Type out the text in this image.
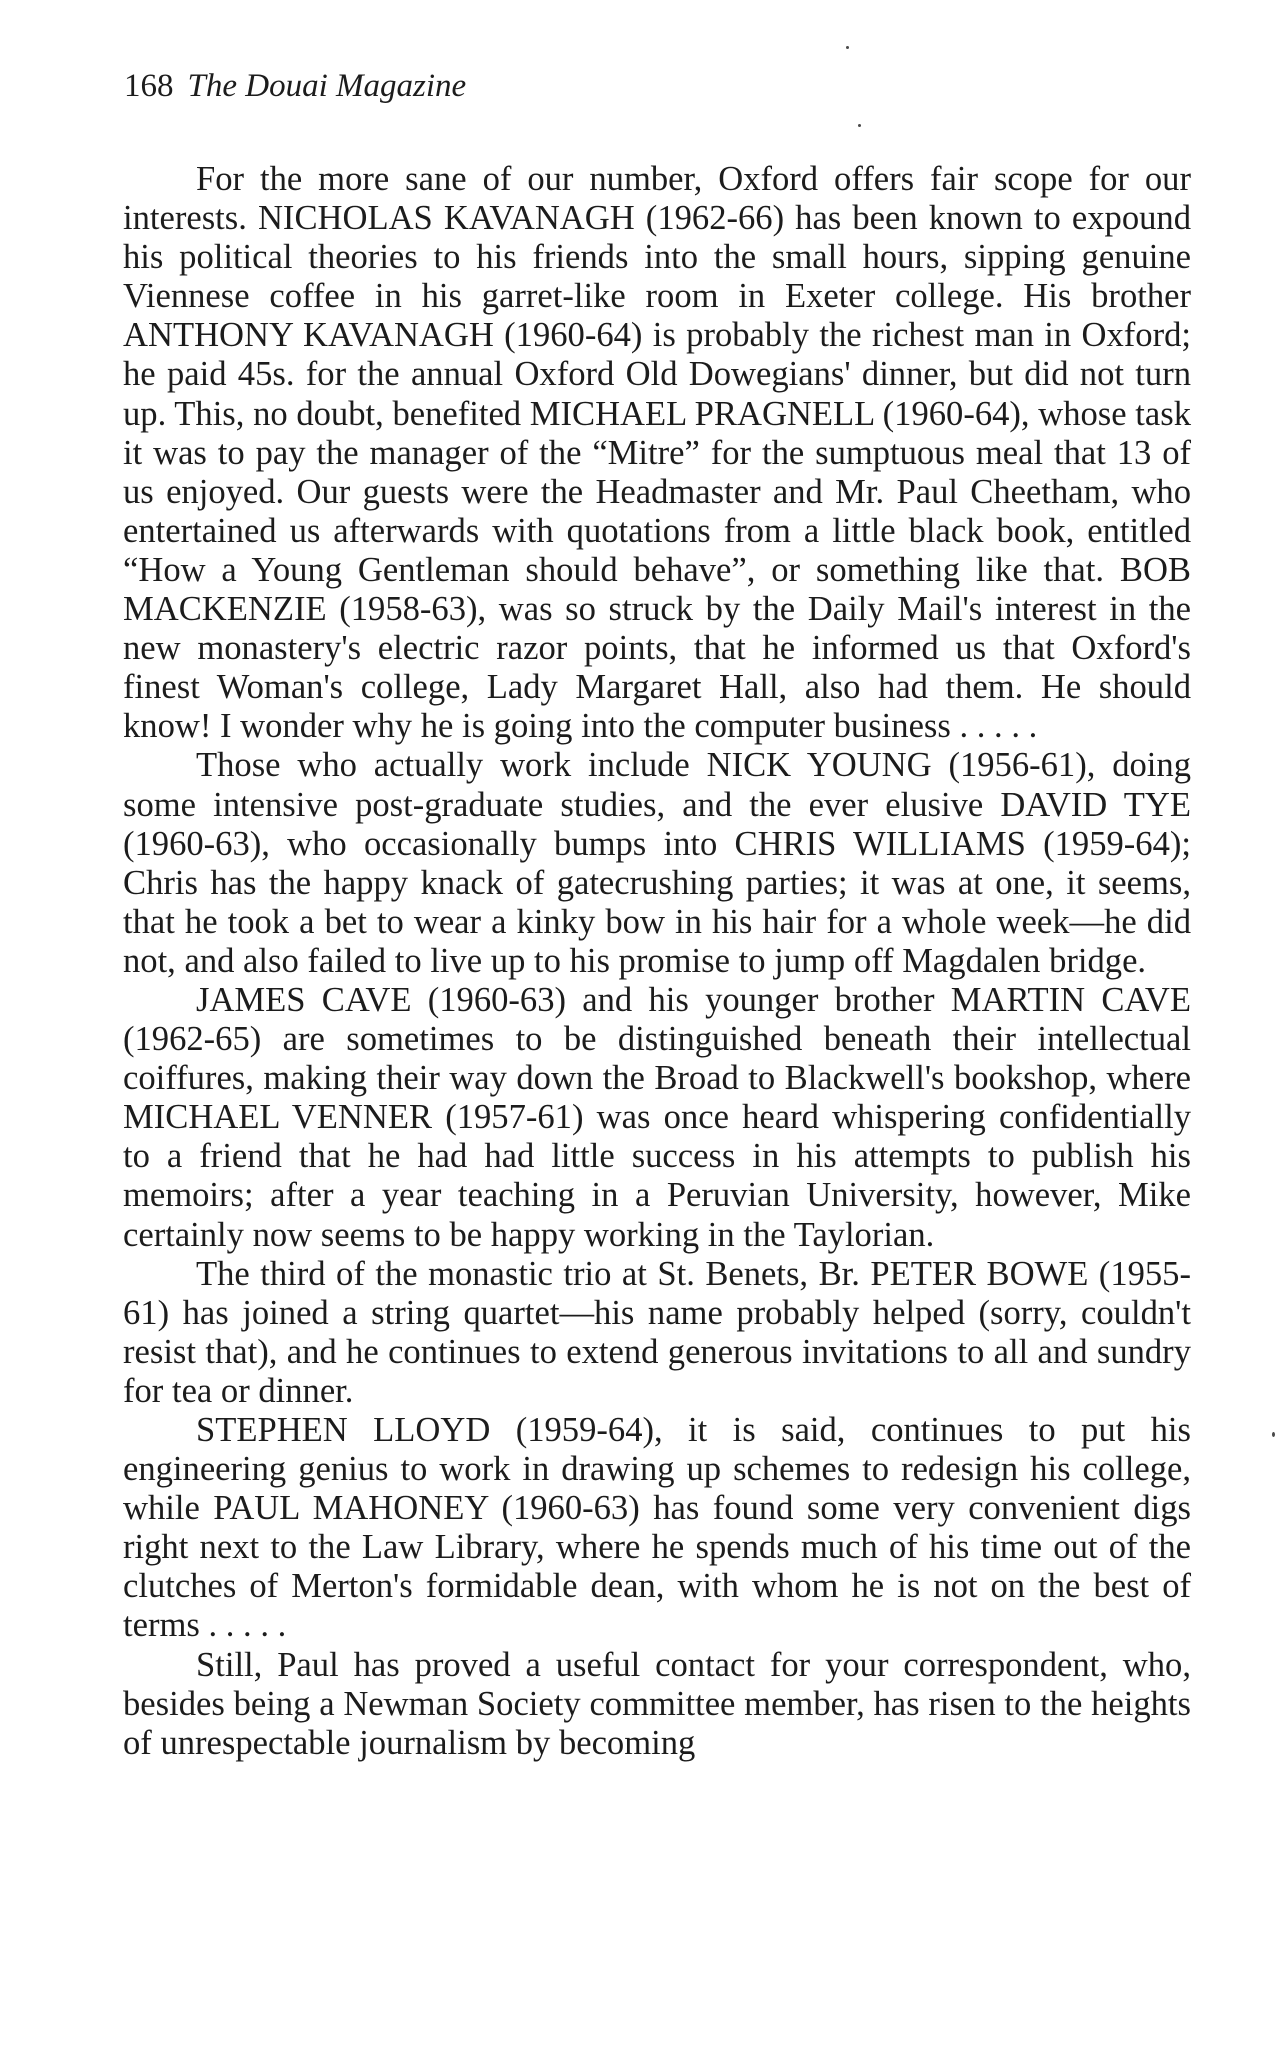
168 The Douai Magazine

For the more sane of our number, Oxford offers fair scope for our interests. NICHOLAS KAVANAGH (1962-66) has been known to expound his political theories to his friends into the small hours, sipping genuine Viennese coffee in his garret-like room in Exeter college. His brother ANTHONY KAVANAGH (1960-64) is probably the richest man in Oxford; he paid 45s. for the annual Oxford Old Dowegians' dinner, but did not turn up. This, no doubt, benefited MICHAEL PRAGNELL (1960-64), whose task it was to pay the manager of the “Mitre” for the sumptuous meal that 13 of us enjoyed. Our guests were the Headmaster and Mr. Paul Cheetham, who entertained us afterwards with quotations from a little black book, entitled “How a Young Gentleman should behave”, or something like that. BOB MACKENZIE (1958-63), was so struck by the Daily Mail's interest in the new monastery's electric razor points, that he informed us that Oxford's finest Woman's college, Lady Margaret Hall, also had them. He should know! I wonder why he is going into the computer business . . . . .

Those who actually work include NICK YOUNG (1956-61), doing some intensive post-graduate studies, and the ever elusive DAVID TYE (1960-63), who occasionally bumps into CHRIS WILLIAMS (1959-64); Chris has the happy knack of gatecrushing parties; it was at one, it seems, that he took a bet to wear a kinky bow in his hair for a whole week—he did not, and also failed to live up to his promise to jump off Magdalen bridge.

JAMES CAVE (1960-63) and his younger brother MARTIN CAVE (1962-65) are sometimes to be distinguished beneath their intellectual coiffures, making their way down the Broad to Blackwell's bookshop, where MICHAEL VENNER (1957-61) was once heard whispering confidentially to a friend that he had had little success in his attempts to publish his memoirs; after a year teaching in a Peruvian University, however, Mike certainly now seems to be happy working in the Taylorian.

The third of the monastic trio at St. Benets, Br. PETER BOWE (1955-61) has joined a string quartet—his name probably helped (sorry, couldn't resist that), and he continues to extend generous invitations to all and sundry for tea or dinner.

STEPHEN LLOYD (1959-64), it is said, continues to put his engineering genius to work in drawing up schemes to redesign his college, while PAUL MAHONEY (1960-63) has found some very convenient digs right next to the Law Library, where he spends much of his time out of the clutches of Merton's formidable dean, with whom he is not on the best of terms . . . . .

Still, Paul has proved a useful contact for your correspondent, who, besides being a Newman Society committee member, has risen to the heights of unrespectable journalism by becoming
